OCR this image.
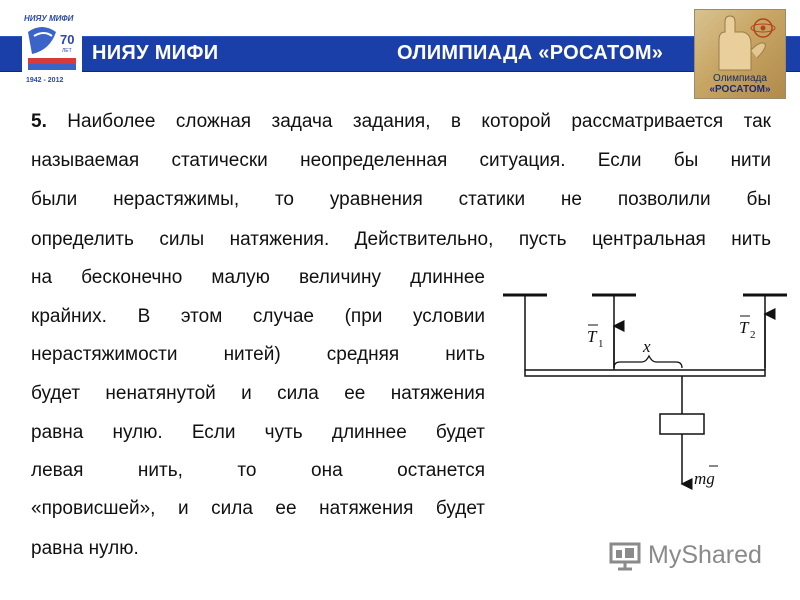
НИЯУ МИФИ	ОЛИМПИАДА «РОСАТОМ»
НИЯУ МИФИ
70
ЛЕТ
1942 - 2012	Олимпиада
«РОСАТОМ»
5. Наиболее сложная задача задания, в которой рассматривается так
называемая статически неопределенная ситуация. Если бы нити
были нерастяжимы, то уравнения статики не позволили бы
определить силы натяжения. Действительно, пусть центральная нить
на бесконечно малую величину длиннее
крайних. В этом случае (при условии
нерастяжимости нитей) средняя нить
будет ненатянутой и сила ее натяжения
равна нулю. Если чуть длиннее будет
левая нить, то она останется
«провисшей», и сила ее натяжения будет
равна нулю.
T 1
T 2
x
mg
MyShared
